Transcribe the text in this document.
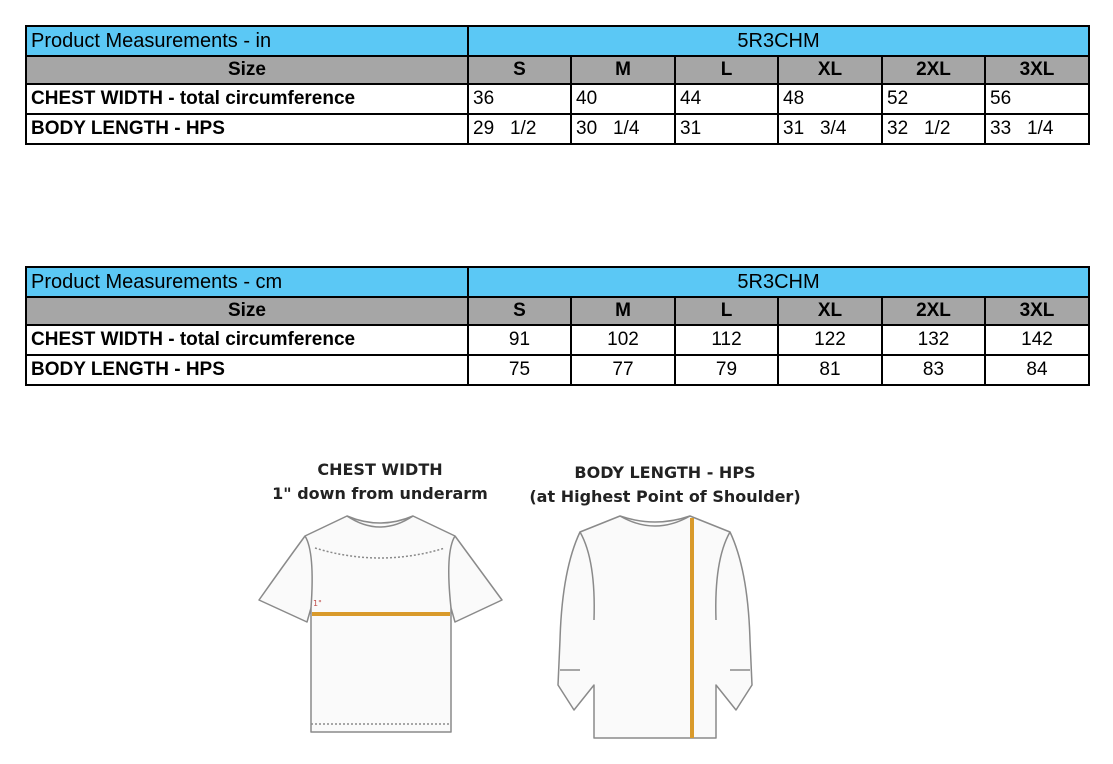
Product Measurements - in	5R3CHM					
Size	S	M	L	XL	2XL	3XL
CHEST WIDTH - total circumference	36	40	44	48	52	56
BODY LENGTH - HPS	29   1/2	30   1/4	31	31   3/4	32   1/2	33   1/4
Product Measurements - cm	5R3CHM					
Size	S	M	L	XL	2XL	3XL
CHEST WIDTH - total circumference	91	102	112	122	132	142
BODY LENGTH - HPS	75	77	79	81	83	84
CHEST WIDTH
1" down from underarm
1"
BODY LENGTH - HPS
(at Highest Point of Shoulder)
